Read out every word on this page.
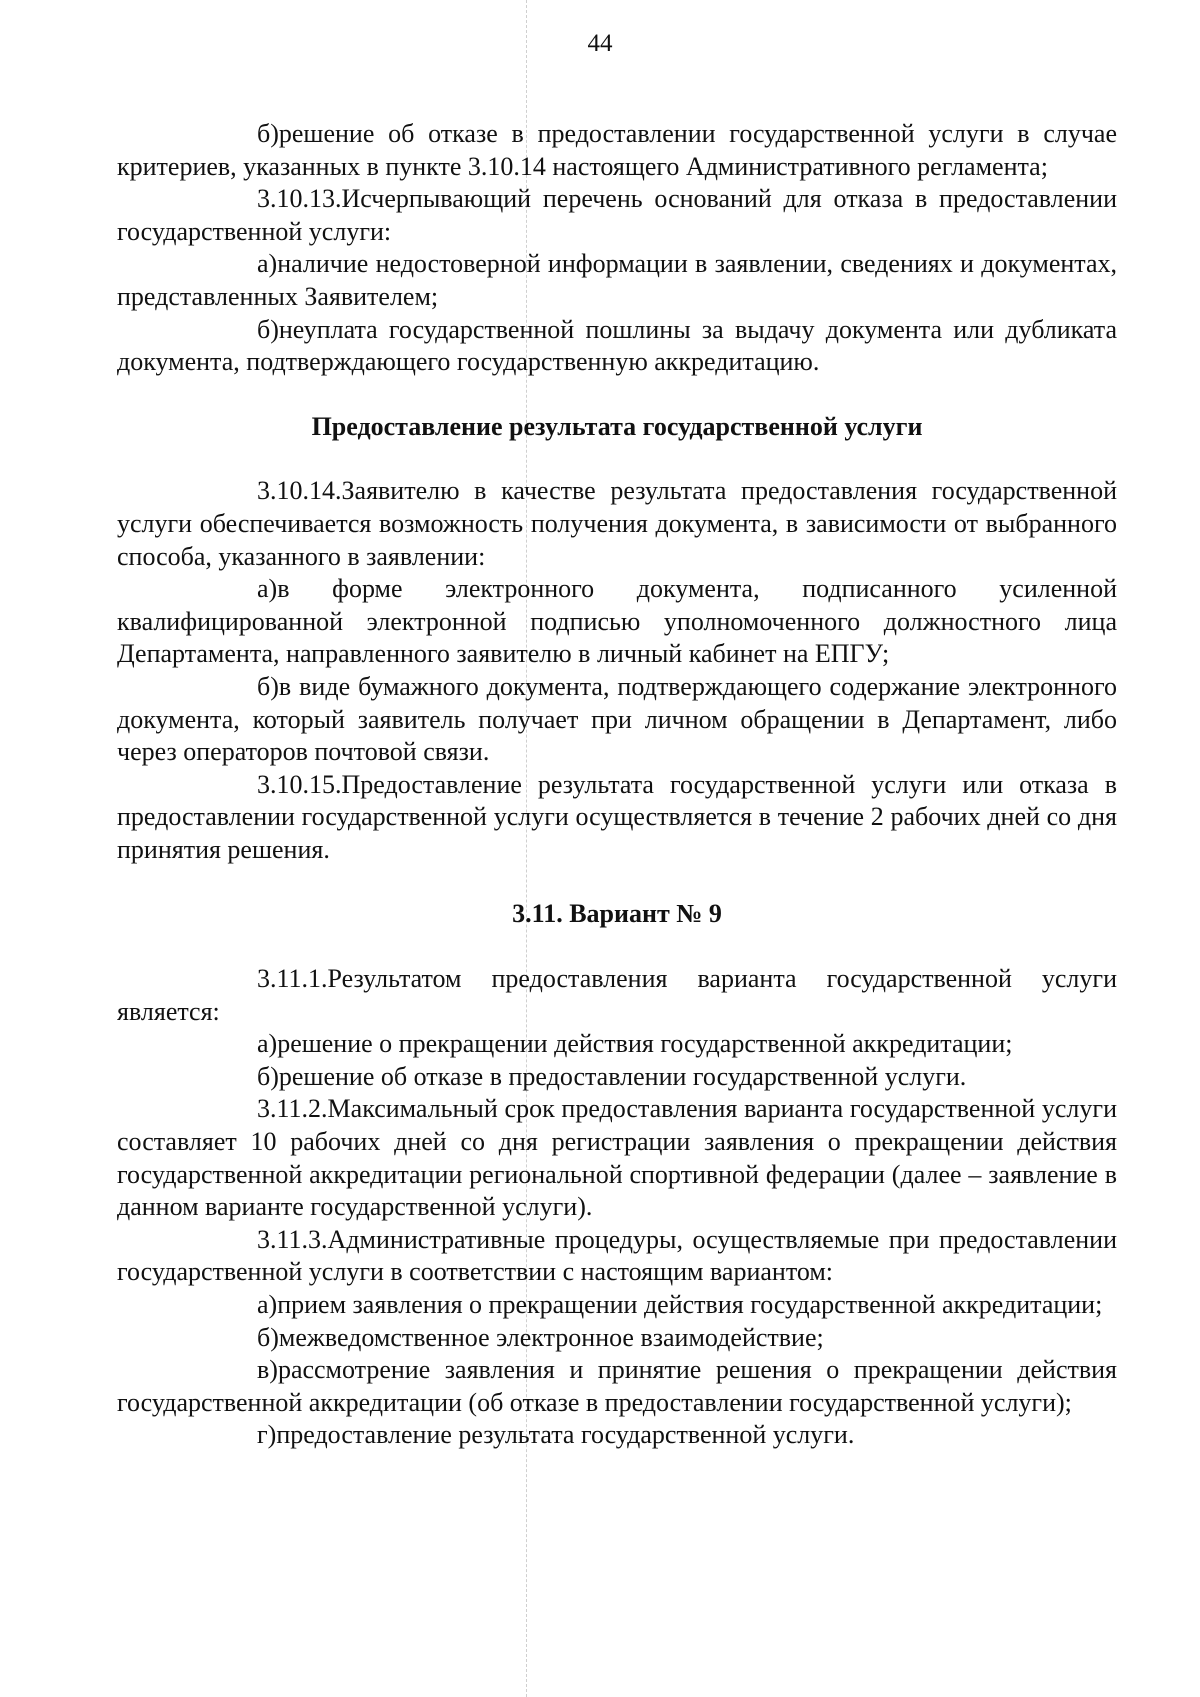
44

б)решение об отказе в предоставлении государственной услуги в случае критериев, указанных в пункте 3.10.14 настоящего Административного регламента;

3.10.13.Исчерпывающий перечень оснований для отказа в предоставлении государственной услуги:

а)наличие недостоверной информации в заявлении, сведениях и документах, представленных Заявителем;

б)неуплата государственной пошлины за выдачу документа или дубликата документа, подтверждающего государственную аккредитацию.

Предоставление результата государственной услуги

3.10.14.Заявителю в качестве результата предоставления государственной услуги обеспечивается возможность получения документа, в зависимости от выбранного способа, указанного в заявлении:

а)в форме электронного документа, подписанного усиленной квалифицированной электронной подписью уполномоченного должностного лица Департамента, направленного заявителю в личный кабинет на ЕПГУ;

б)в виде бумажного документа, подтверждающего содержание электронного документа, который заявитель получает при личном обращении в Департамент, либо через операторов почтовой связи.

3.10.15.Предоставление результата государственной услуги или отказа в предоставлении государственной услуги осуществляется в течение 2 рабочих дней со дня принятия решения.

3.11. Вариант № 9

3.11.1.Результатом предоставления варианта государственной услуги является:

а)решение о прекращении действия государственной аккредитации;

б)решение об отказе в предоставлении государственной услуги.

3.11.2.Максимальный срок предоставления варианта государственной услуги составляет 10 рабочих дней со дня регистрации заявления о прекращении действия государственной аккредитации региональной спортивной федерации (далее – заявление в данном варианте государственной услуги).

3.11.3.Административные процедуры, осуществляемые при предоставлении государственной услуги в соответствии с настоящим вариантом:

а)прием заявления о прекращении действия государственной аккредитации;

б)межведомственное электронное взаимодействие;

в)рассмотрение заявления и принятие решения о прекращении действия государственной аккредитации (об отказе в предоставлении государственной услуги);

г)предоставление результата государственной услуги.
